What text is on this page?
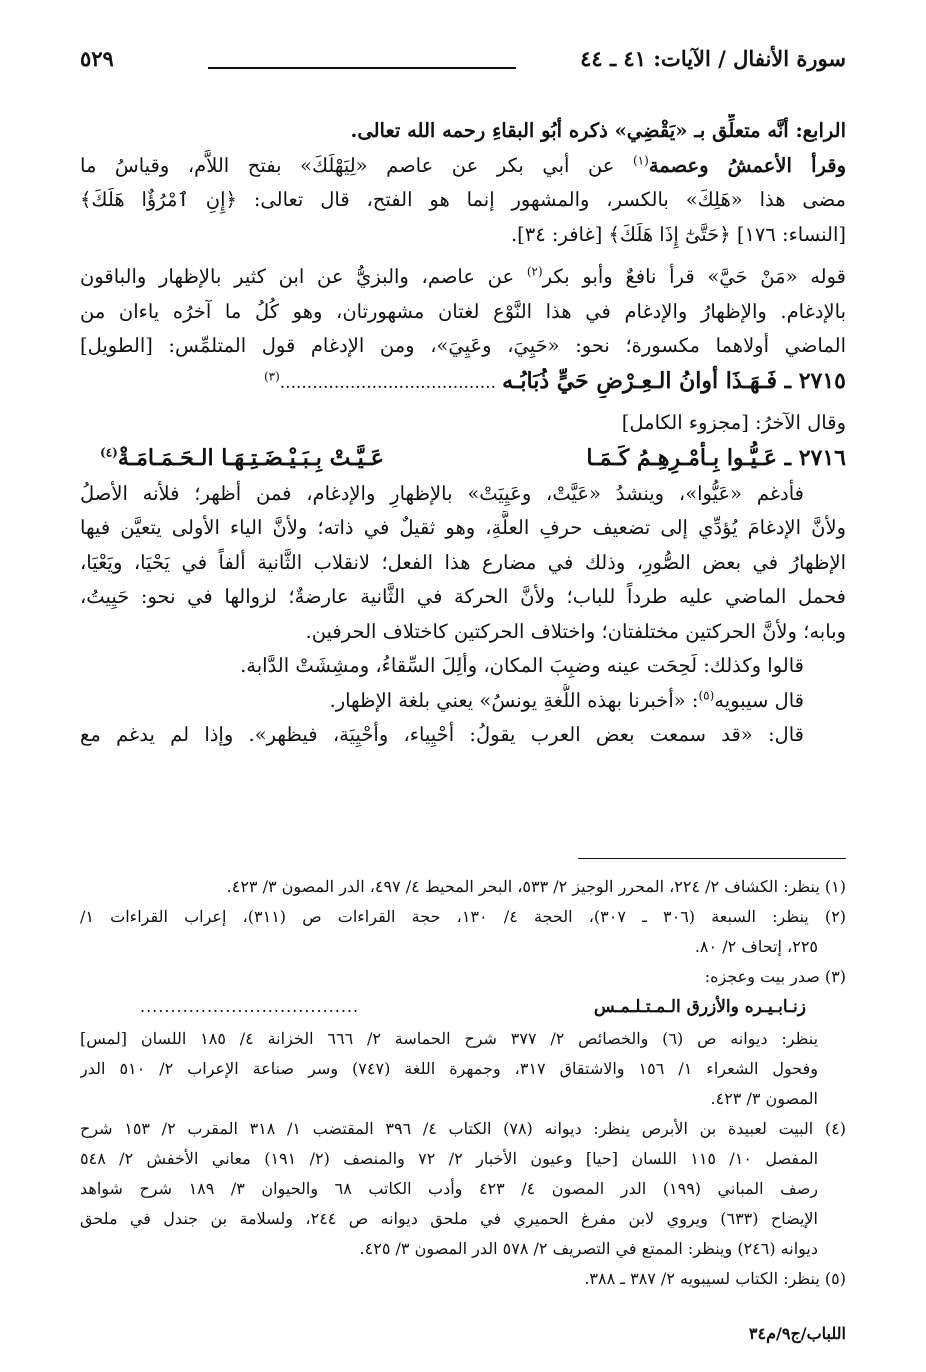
سورة الأنفال / الآيات: ٤١ ـ ٤٤
٥٢٩
الرابع: أنَّه متعلِّق بـ «يَقْضِي» ذكره أبُو البقاءِ رحمه الله تعالى.
وقرأ الأعمشُ وعصمة$^{(١)}$ عن أبي بكر عن عاصم «لِيَهْلَكَ» بفتح اللاَّم، وقياسُ ما
مضى هذا «هَلِكَ» بالكسر، والمشهور إنما هو الفتح، قال تعالى: ﴿إِنِ ٱمْرُؤٌا هَلَكَ﴾
[النساء: ١٧٦] ﴿حَتَّىٰٓ إِذَا هَلَكَ﴾ [غافر: ٣٤].
قوله «مَنْ حَيَّ» قرأ نافعٌ وأبو بكر$^{(٢)}$ عن عاصم، والبزيُّ عن ابن كثير بالإظهار والباقون
بالإدغام. والإظهارُ والإدغام في هذا النَّوْع لغتان مشهورتان، وهو كُلُ ما آخرُه ياءان من
الماضي أولاهما مكسورة؛ نحو: «حَيِيَ، وعَيِيَ»، ومن الإدغام قول المتلمِّس: [الطويل]
٢٧١٥ ـ فَـهَـذَا أوانُ الـعِـرْضِ حَيٍّ ذُبَابُـه ........................................$^{(٣)}$
وقال الآخرُ: [مجزوء الكامل]
٢٧١٦ ـ عَـيُّـوا بِـأمْـرِهِـمُ كَـمَـا
عَـيَّـتْ بِـبَـيْـضَـتِـهَـا الـحَـمَـامَـةْ$^{(٤)}$
فأدغم «عَيُّوا»، وينشدُ «عَيَّتْ، وعَيِيَتْ» بالإظهارِ والإدغام، فمن أظهر؛ فلأنه الأصلُ
ولأنَّ الإدغامَ يُؤدِّي إلى تضعيف حرفِ العلَّةِ، وهو ثقيلٌ في ذاته؛ ولأنَّ الياء الأولى يتعيَّن فيها
الإظهارُ في بعض الصُّورِ، وذلك في مضارع هذا الفعل؛ لانقلاب الثَّانية ألفاً في يَحْيَا، ويَعْيَا،
فحمل الماضي عليه طرداً للباب؛ ولأنَّ الحركة في الثَّانية عارضةٌ؛ لزوالها في نحو: حَيِيتُ،
وبابه؛ ولأنَّ الحركتين مختلفتان؛ واختلاف الحركتين كاختلاف الحرفين.
قالوا وكذلك: لَحِحَت عينه وضبِبَ المكان، وألِلَ السِّقاءُ، ومشِشَتْ الدَّابة.
قال سيبويه$^{(٥)}$: «أخبرنا بهذه اللُّغةِ يونسُ» يعني بلغة الإظهار.
قال: «قد سمعت بعض العرب يقولُ: أحْيِياء، وأحْيِيَة، فيظهر». وإذا لم يدغم مع
(١) ينظر: الكشاف ٢/ ٢٢٤، المحرر الوجيز ٢/ ٥٣٣، البحر المحيط ٤/ ٤٩٧، الدر المصون ٣/ ٤٢٣.
(٢) ينظر: السبعة (٣٠٦ ـ ٣٠٧)، الحجة ٤/ ١٣٠، حجة القراءات ص (٣١١)، إعراب القراءات ١/
٢٢٥، إتحاف ٢/ ٨٠.
(٣) صدر بيت وعجزه:
زنـابـيـره والأزرق الـمـتـلـمـس
....................................
ينظر: ديوانه ص (٦) والخصائص ٢/ ٣٧٧ شرح الحماسة ٢/ ٦٦٦ الخزانة ٤/ ١٨٥ اللسان [لمس]
وفحول الشعراء ١/ ١٥٦ والاشتقاق ٣١٧، وجمهرة اللغة (٧٤٧) وسر صناعة الإعراب ٢/ ٥١٠ الدر
المصون ٣/ ٤٢٣.
(٤) البيت لعبيدة بن الأبرص ينظر: ديوانه (٧٨) الكتاب ٤/ ٣٩٦ المقتضب ١/ ٣١٨ المقرب ٢/ ١٥٣ شرح
المفصل ١٠/ ١١٥ اللسان [حيا] وعيون الأخبار ٢/ ٧٢ والمنصف (٢/ ١٩١) معاني الأخفش ٢/ ٥٤٨
رصف المباني (١٩٩) الدر المصون ٤/ ٤٢٣ وأدب الكاتب ٦٨ والحيوان ٣/ ١٨٩ شرح شواهد
الإيضاح (٦٣٣) ويروي لابن مفرغ الحميري في ملحق ديوانه ص ٢٤٤، ولسلامة بن جندل في ملحق
ديوانه (٢٤٦) وينظر: الممتع في التصريف ٢/ ٥٧٨ الدر المصون ٣/ ٤٢٥.
(٥) ينظر: الكتاب لسيبويه ٢/ ٣٨٧ ـ ٣٨٨.
اللباب/ج٩/م٣٤
